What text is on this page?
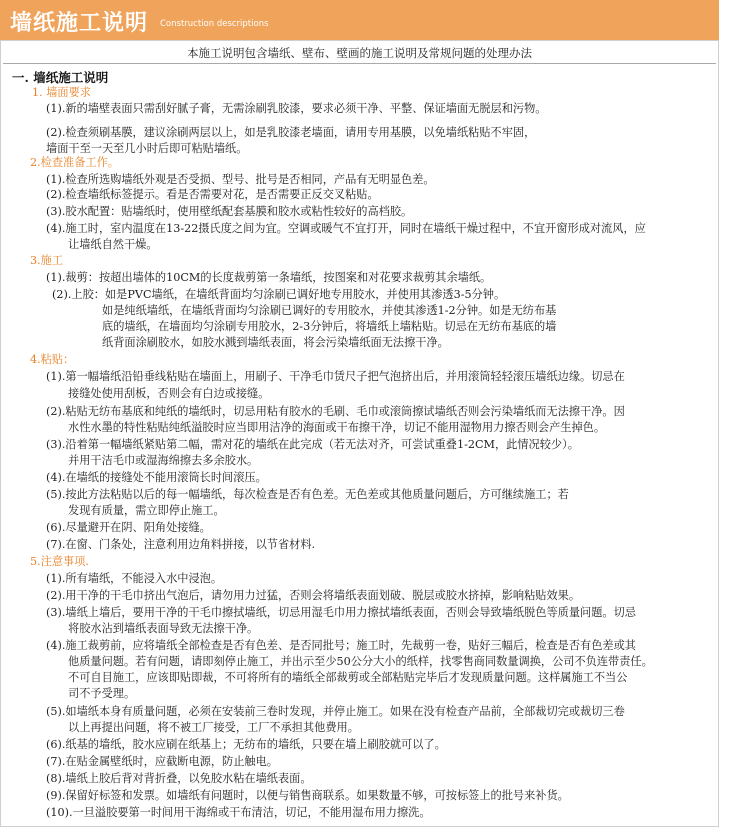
墙纸施工说明 Construction descriptions
本施工说明包含墙纸、壁布、壁画的施工说明及常规问题的处理办法
一. 墙纸施工说明
1. 墙面要求
(1).新的墙壁表面只需刮好腻子膏，无需涂刷乳胶漆，要求必须干净、平整、保证墙面无脱层和污物。
(2).检查须刷基膜，建议涂刷两层以上，如是乳胶漆老墙面，请用专用基膜，以免墙纸粘贴不牢固，
墙面干至一天至几小时后即可粘贴墙纸。
2.检查准备工作。
(1).检查所选购墙纸外观是否受损、型号、批号是否相同，产品有无明显色差。
(2).检查墙纸标签提示。看是否需要对花，是否需要正反交叉粘贴。
(3).胶水配置：贴墙纸时，使用壁纸配套基膜和胶水或粘性较好的高档胶。
(4).施工时，室内温度在13-22摄氏度之间为宜。空调或暖气不宜打开，同时在墙纸干燥过程中，不宜开窗形成对流风，应
让墙纸自然干燥。
3.施工
(1).裁剪：按超出墙体的10CM的长度裁剪第一条墙纸，按图案和对花要求裁剪其余墙纸。
(2).上胶：如是PVC墙纸，在墙纸背面均匀涂刷已调好地专用胶水，并使用其渗透3-5分钟。
如是纯纸墙纸，在墙纸背面均匀涂刷已调好的专用胶水，并使其渗透1-2分钟。如是无纺布基
底的墙纸，在墙面均匀涂刷专用胶水，2-3分钟后，将墙纸上墙粘贴。切忌在无纺布基底的墙
纸背面涂刷胶水，如胶水溅到墙纸表面，将会污染墙纸面无法擦干净。
4.粘贴：
(1).第一幅墙纸沿铅垂线粘贴在墙面上，用刷子、干净毛巾赁尺子把气泡挤出后，并用滚筒轻轻滚压墙纸边缘。切忌在
接缝处使用刮板，否则会有白边或接缝。
(2).粘贴无纺布基底和纯纸的墙纸时，切忌用粘有胶水的毛刷、毛巾或滚筒擦试墙纸否则会污染墙纸而无法擦干净。因
水性水墨的特性粘贴纯纸溢胶时应当即用洁净的海面或干布擦干净，切记不能用湿物用力擦否则会产生掉色。
(3).沿着第一幅墙纸紧贴第二幅，需对花的墙纸在此完成（若无法对齐，可尝试重叠1-2CM，此情况较少）。
并用干洁毛巾或湿海绵擦去多余胶水。
(4).在墙纸的接缝处不能用滚筒长时间滚压。
(5).按此方法粘贴以后的每一幅墙纸，每次检查是否有色差。无色差或其他质量问题后，方可继续施工；若
发现有质量，需立即停止施工。
(6).尽量避开在阴、阳角处接缝。
(7).在窗、门条处，注意利用边角料拼接，以节省材料.
5.注意事项.
(1).所有墙纸，不能浸入水中浸泡。
(2).用干净的干毛巾挤出气泡后，请勿用力过猛，否则会将墙纸表面划破、脱层或胶水挤掉，影响粘贴效果。
(3).墙纸上墙后，要用干净的干毛巾擦拭墙纸，切忌用湿毛巾用力擦拭墙纸表面，否则会导致墙纸脱色等质量问题。切忌
将胶水沾到墙纸表面导致无法擦干净。
(4).施工裁剪前，应将墙纸全部检查是否有色差、是否同批号；施工时，先裁剪一卷，贴好三幅后，检查是否有色差或其
他质量问题。若有问题，请即刻停止施工，并出示至少50公分大小的纸样，找零售商同数量调换，公司不负连带责任。
不可自目施工，应该即贴即裁，不可将所有的墙纸全部裁剪或全部粘贴完毕后才发现质量问题。这样属施工不当公
司不予受理。
(5).如墙纸本身有质量问题，必须在安装前三卷时发现，并停止施工。如果在没有检查产品前，全部裁切完或裁切三卷
以上再提出问题，将不被工厂接受，工厂不承担其他费用。
(6).纸基的墙纸，胶水应刷在纸基上；无纺布的墙纸，只要在墙上刷胶就可以了。
(7).在贴金属壁纸时，应截断电源，防止触电。
(8).墙纸上胶后背对背折叠，以免胶水粘在墙纸表面。
(9).保留好标签和发票。如墙纸有问题时，以便与销售商联系。如果数量不够，可按标签上的批号来补货。
(10).一旦溢胶要第一时间用干海绵或干布清洁，切记，不能用湿布用力擦洗。
